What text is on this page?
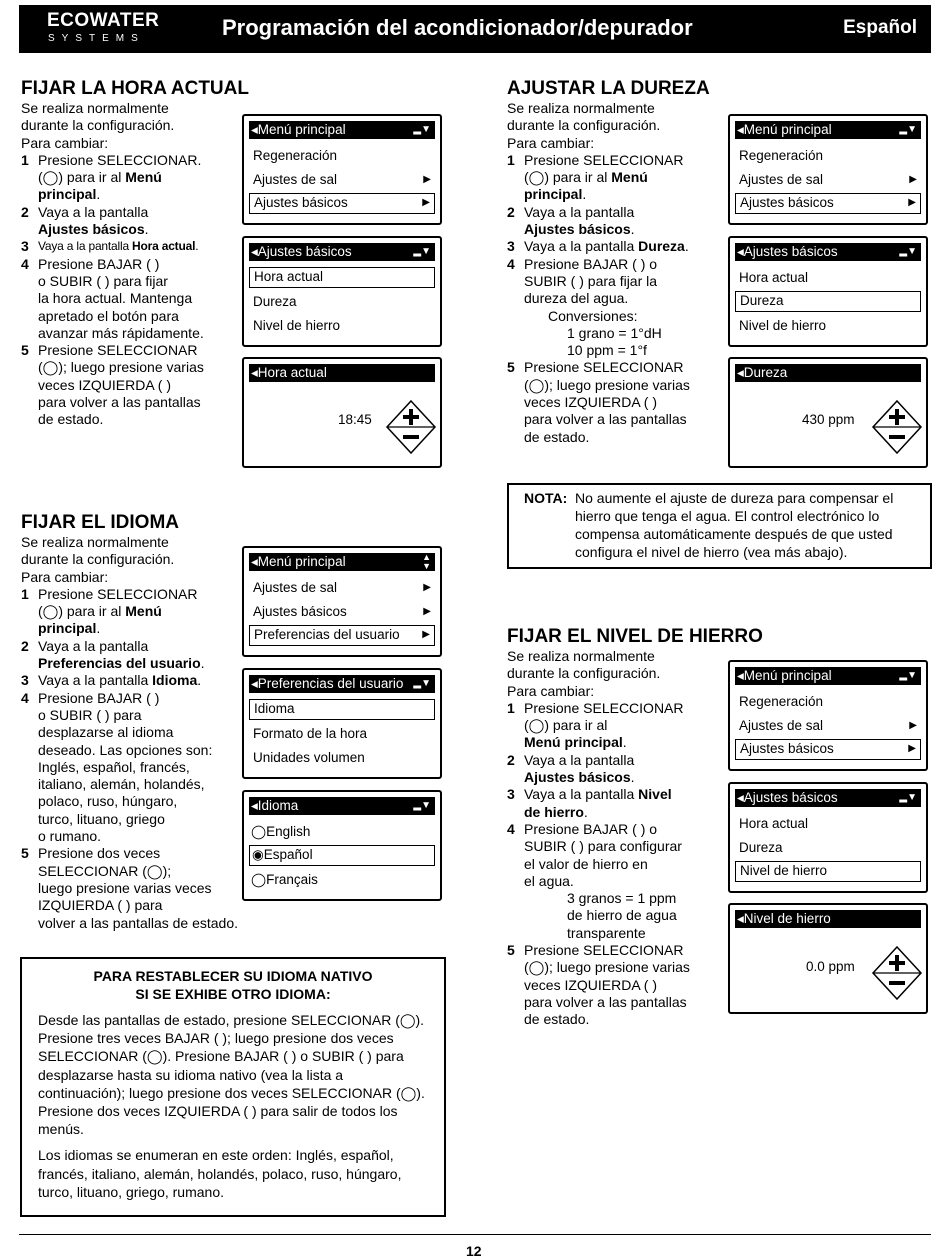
ECOWATER
SYSTEMS	Programación del acondicionador/depurador	Español
FIJAR LA HORA ACTUAL

Se realiza normalmente

durante la configuración.

Para cambiar:

1 Presione SELECCIONAR.
(◯) para ir al Menú
principal.
2 Vaya a la pantalla
Ajustes básicos.
3 Vaya a la pantalla Hora actual.
4 Presione BAJAR ( )
o SUBIR ( ) para fijar
la hora actual. Mantenga
apretado el botón para
avanzar más rápidamente.
5 Presione SELECCIONAR
(◯); luego presione varias
veces IZQUIERDA ( )
para volver a las pantallas
de estado.
AJUSTAR LA DUREZA

Se realiza normalmente

durante la configuración.

Para cambiar:

1 Presione SELECCIONAR
(◯) para ir al Menú
principal.
2 Vaya a la pantalla
Ajustes básicos.
3 Vaya a la pantalla Dureza.
4 Presione BAJAR ( ) o
SUBIR ( ) para fijar la
dureza del agua.
Conversiones:
1 grano = 1°dH
10 ppm = 1°f
5 Presione SELECCIONAR
(◯); luego presione varias
veces IZQUIERDA ( )
para volver a las pantallas
de estado.
NOTA: No aumente el ajuste de dureza para compensar el hierro que tenga el agua. El control electrónico lo compensa automáticamente después de que usted configura el nivel de hierro (vea más abajo).
FIJAR EL IDIOMA

Se realiza normalmente

durante la configuración.

Para cambiar:

1 Presione SELECCIONAR
(◯) para ir al Menú
principal.
2 Vaya a la pantalla
Preferencias del usuario.
3 Vaya a la pantalla Idioma.
4 Presione BAJAR ( )
o SUBIR ( ) para
desplazarse al idioma
deseado. Las opciones son:
Inglés, español, francés,
italiano, alemán, holandés,
polaco, ruso, húngaro,
turco, lituano, griego
o rumano.
5 Presione dos veces
SELECCIONAR (◯);
luego presione varias veces
IZQUIERDA ( ) para
volver a las pantallas de estado.
FIJAR EL NIVEL DE HIERRO

Se realiza normalmente

durante la configuración.

Para cambiar:

1 Presione SELECCIONAR
(◯) para ir al
Menú principal.
2 Vaya a la pantalla
Ajustes básicos.
3 Vaya a la pantalla Nivel
de hierro.
4 Presione BAJAR ( ) o
SUBIR ( ) para configurar
el valor de hierro en
el agua.
3 granos = 1 ppm
de hierro de agua
transparente
5 Presione SELECCIONAR
(◯); luego presione varias
veces IZQUIERDA ( )
para volver a las pantallas
de estado.
◂Menú principal	▂▼
Regeneración
Ajustes de sal	▶
Ajustes básicos	▶
◂Ajustes básicos	▂▼
Hora actual
Dureza
Nivel de hierro
◂Hora actual
18:45
◂Menú principal	▂▼
Regeneración
Ajustes de sal	▶
Ajustes básicos	▶
◂Ajustes básicos	▂▼
Hora actual
Dureza
Nivel de hierro
◂Dureza
430 ppm
◂Menú principal	▲
▼
Ajustes de sal	▶
Ajustes básicos	▶
Preferencias del usuario ▶
◂Preferencias del usuario ▂▼
Idioma
Formato de la hora
Unidades volumen
◂Idioma	▂▼
◯English
◉Español
◯Français
◂Menú principal	▂▼
Regeneración
Ajustes de sal	▶
Ajustes básicos	▶
◂Ajustes básicos	▂▼
Hora actual
Dureza
Nivel de hierro
◂Nivel de hierro
0.0 ppm
PARA RESTABLECER SU IDIOMA NATIVO
SI SE EXHIBE OTRO IDIOMA:
Desde las pantallas de estado, presione SELECCIONAR (◯). Presione tres veces BAJAR ( ); luego presione dos veces SELECCIONAR (◯). Presione BAJAR ( ) o SUBIR ( ) para desplazarse hasta su idioma nativo (vea la lista a continuación); luego presione dos veces SELECCIONAR (◯). Presione dos veces IZQUIERDA ( ) para salir de todos los menús.
Los idiomas se enumeran en este orden: Inglés, español, francés, italiano, alemán, holandés, polaco, ruso, húngaro, turco, lituano, griego, rumano.
12
